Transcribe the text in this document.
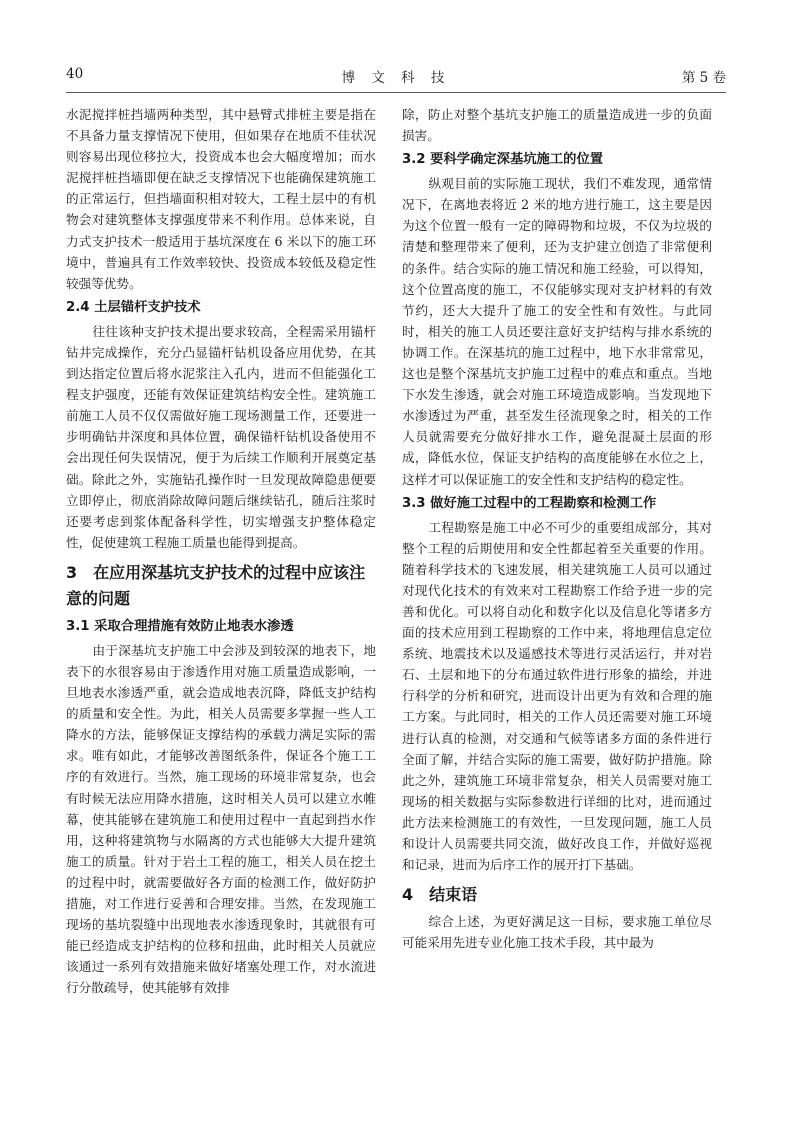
40	博 文 科 技	第 5 卷

水泥搅拌桩挡墙两种类型，其中悬臂式排桩主要是指在不具备力量支撑情况下使用，但如果存在地质不佳状况则容易出现位移拉大，投资成本也会大幅度增加；而水泥搅拌桩挡墙即便在缺乏支撑情况下也能确保建筑施工的正常运行，但挡墙面积相对较大，工程土层中的有机物会对建筑整体支撑强度带来不利作用。总体来说，自力式支护技术一般适用于基坑深度在 6 米以下的施工环境中，普遍具有工作效率较快、投资成本较低及稳定性较强等优势。

2.4 土层锚杆支护技术

往往该种支护技术提出要求较高，全程需采用锚杆钻井完成操作，充分凸显锚杆钻机设备应用优势，在其到达指定位置后将水泥浆注入孔内，进而不但能强化工程支护强度，还能有效保证建筑结构安全性。建筑施工前施工人员不仅仅需做好施工现场测量工作，还要进一步明确钻井深度和具体位置，确保锚杆钻机设备使用不会出现任何失误情况，便于为后续工作顺利开展奠定基础。除此之外，实施钻孔操作时一旦发现故障隐患便要立即停止，彻底消除故障问题后继续钻孔，随后注浆时还要考虑到浆体配备科学性，切实增强支护整体稳定性，促使建筑工程施工质量也能得到提高。

3 在应用深基坑支护技术的过程中应该注意的问题
3.1 采取合理措施有效防止地表水渗透

由于深基坑支护施工中会涉及到较深的地表下，地表下的水很容易由于渗透作用对施工质量造成影响，一旦地表水渗透严重，就会造成地表沉降，降低支护结构的质量和安全性。为此，相关人员需要多掌握一些人工降水的方法，能够保证支撑结构的承载力满足实际的需求。唯有如此，才能够改善图纸条件，保证各个施工工序的有效进行。当然，施工现场的环境非常复杂，也会有时候无法应用降水措施，这时相关人员可以建立水帷幕，使其能够在建筑施工和使用过程中一直起到挡水作用，这种将建筑物与水隔离的方式也能够大大提升建筑施工的质量。针对于岩土工程的施工，相关人员在挖土的过程中时，就需要做好各方面的检测工作，做好防护措施，对工作进行妥善和合理安排。当然，在发现施工现场的基坑裂缝中出现地表水渗透现象时，其就很有可能已经造成支护结构的位移和扭曲，此时相关人员就应该通过一系列有效措施来做好堵塞处理工作，对水流进行分散疏导，使其能够有效排

除，防止对整个基坑支护施工的质量造成进一步的负面损害。

3.2 要科学确定深基坑施工的位置

纵观目前的实际施工现状，我们不难发现，通常情况下，在离地表将近 2 米的地方进行施工，这主要是因为这个位置一般有一定的障碍物和垃圾，不仅为垃圾的清楚和整理带来了便利，还为支护建立创造了非常便利的条件。结合实际的施工情况和施工经验，可以得知，这个位置高度的施工，不仅能够实现对支护材料的有效节约，还大大提升了施工的安全性和有效性。与此同时，相关的施工人员还要注意好支护结构与排水系统的协调工作。在深基坑的施工过程中，地下水非常常见，这也是整个深基坑支护施工过程中的难点和重点。当地下水发生渗透，就会对施工环境造成影响。当发现地下水渗透过为严重，甚至发生径流现象之时，相关的工作人员就需要充分做好排水工作，避免混凝土层面的形成，降低水位，保证支护结构的高度能够在水位之上，这样才可以保证施工的安全性和支护结构的稳定性。

3.3 做好施工过程中的工程勘察和检测工作

工程勘察是施工中必不可少的重要组成部分，其对整个工程的后期使用和安全性都起着至关重要的作用。随着科学技术的飞速发展，相关建筑施工人员可以通过对现代化技术的有效来对工程勘察工作给予进一步的完善和优化。可以将自动化和数字化以及信息化等诸多方面的技术应用到工程勘察的工作中来，将地理信息定位系统、地震技术以及遥感技术等进行灵活运行，并对岩石、土层和地下的分布通过软件进行形象的描绘，并进行科学的分析和研究，进而设计出更为有效和合理的施工方案。与此同时，相关的工作人员还需要对施工环境进行认真的检测，对交通和气候等诸多方面的条件进行全面了解，并结合实际的施工需要，做好防护措施。除此之外，建筑施工环境非常复杂，相关人员需要对施工现场的相关数据与实际参数进行详细的比对，进而通过此方法来检测施工的有效性，一旦发现问题，施工人员和设计人员需要共同交流，做好改良工作，并做好巡视和记录，进而为后序工作的展开打下基础。

4 结束语

综合上述，为更好满足这一目标，要求施工单位尽可能采用先进专业化施工技术手段，其中最为
